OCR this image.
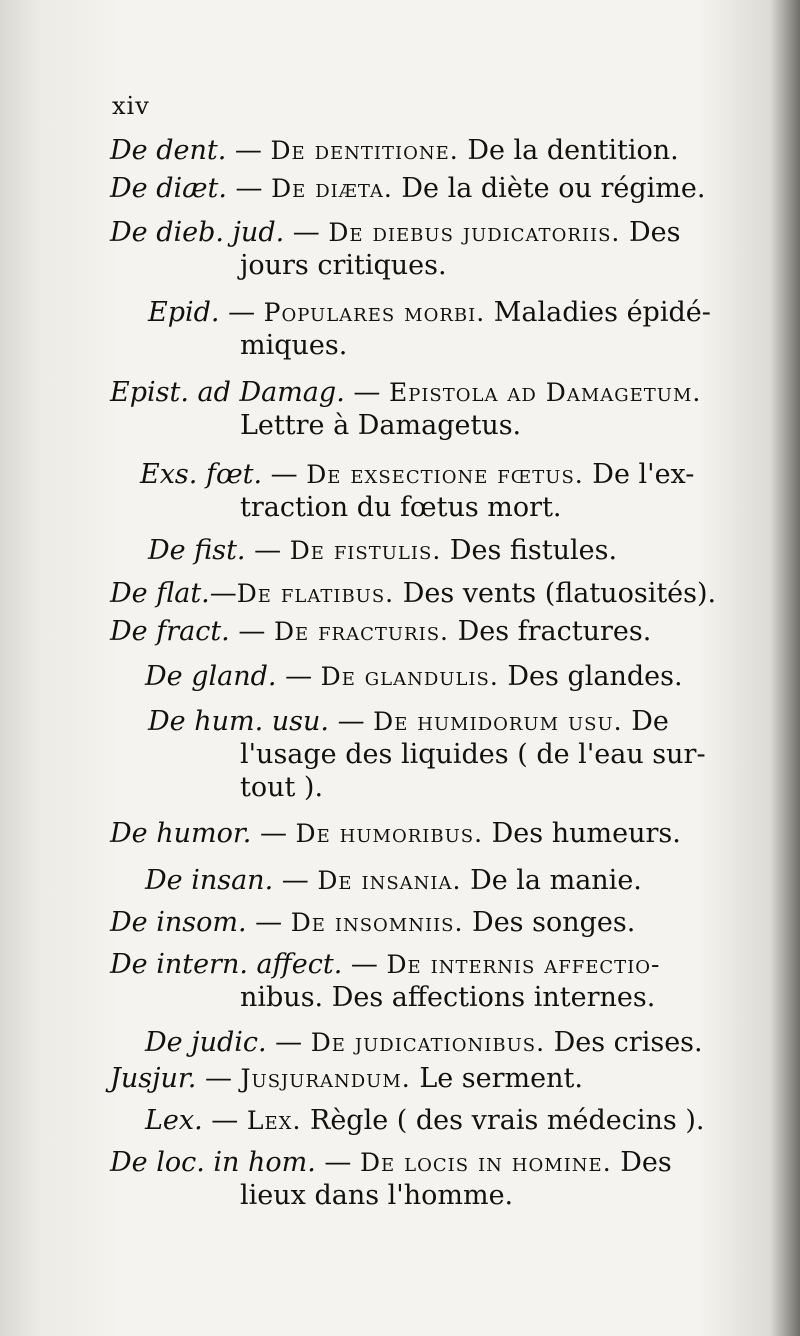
xiv
De dent. — De dentitione. De la dentition.
De diæt. — De diæta. De la diète ou régime.
De dieb. jud. — De diebus judicatoriis. Des
jours critiques.
Epid. — Populares morbi. Maladies épidé-
miques.
Epist. ad Damag. — Epistola ad Damagetum.
Lettre à Damagetus.
Exs. fœt. — De exsectione fœtus. De l'ex-
traction du fœtus mort.
De fist. — De fistulis. Des fistules.
De flat.—De flatibus. Des vents (flatuosités).
De fract. — De fracturis. Des fractures.
De gland. — De glandulis. Des glandes.
De hum. usu. — De humidorum usu. De
l'usage des liquides ( de l'eau sur-
tout ).
De humor. — De humoribus. Des humeurs.
De insan. — De insania. De la manie.
De insom. — De insomniis. Des songes.
De intern. affect. — De internis affectio-
nibus. Des affections internes.
De judic. — De judicationibus. Des crises.
Jusjur. — Jusjurandum. Le serment.
Lex. — Lex. Règle ( des vrais médecins ).
De loc. in hom. — De locis in homine. Des
lieux dans l'homme.
